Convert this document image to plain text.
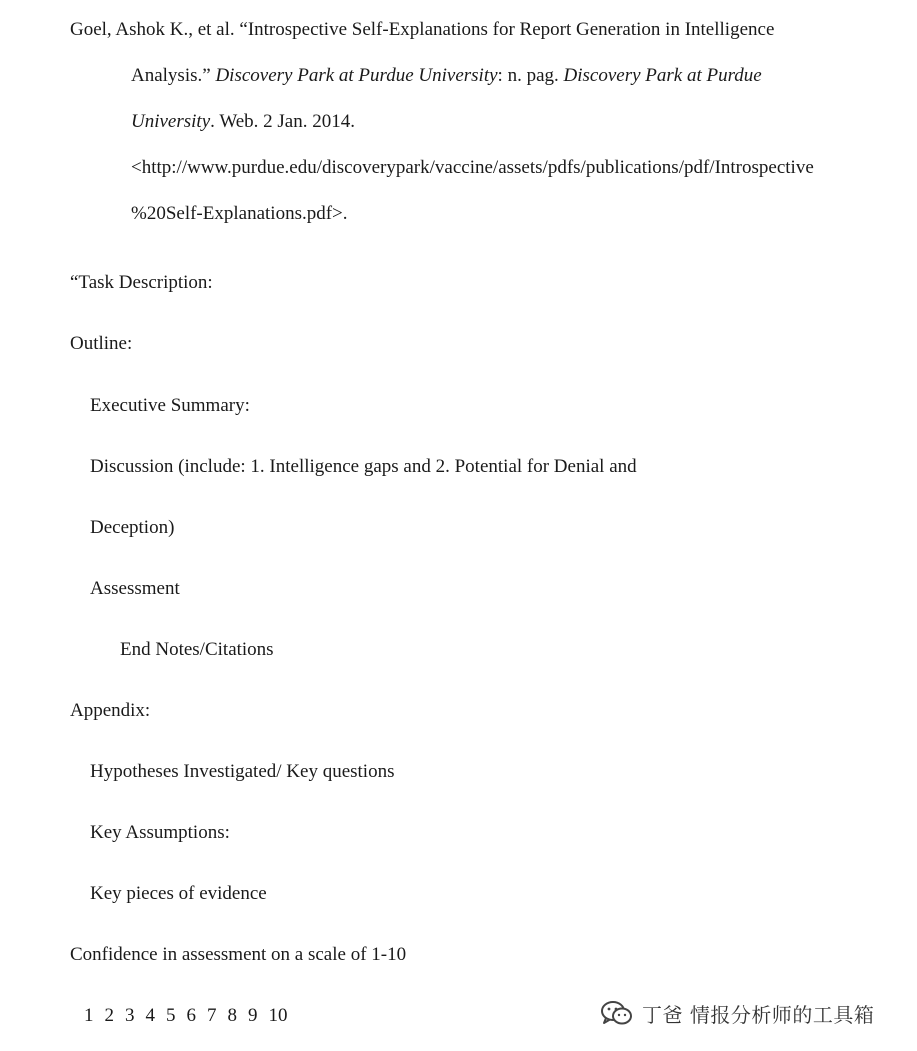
Goel, Ashok K., et al. “Introspective Self-Explanations for Report Generation in Intelligence
Analysis.” Discovery Park at Purdue University: n. pag. Discovery Park at Purdue
University. Web. 2 Jan. 2014.
<http://www.purdue.edu/discoverypark/vaccine/assets/pdfs/publications/pdf/Introspective
%20Self-Explanations.pdf>.
“Task Description:
Outline:
Executive Summary:
Discussion (include: 1. Intelligence gaps and 2. Potential for Denial and
Deception)
Assessment
End Notes/Citations
Appendix:
Hypotheses Investigated/ Key questions
Key Assumptions:
Key pieces of evidence
Confidence in assessment on a scale of 1-10
1 2 3 4 5 6 7 8 9 10	丁爸 情报分析师的工具箱
